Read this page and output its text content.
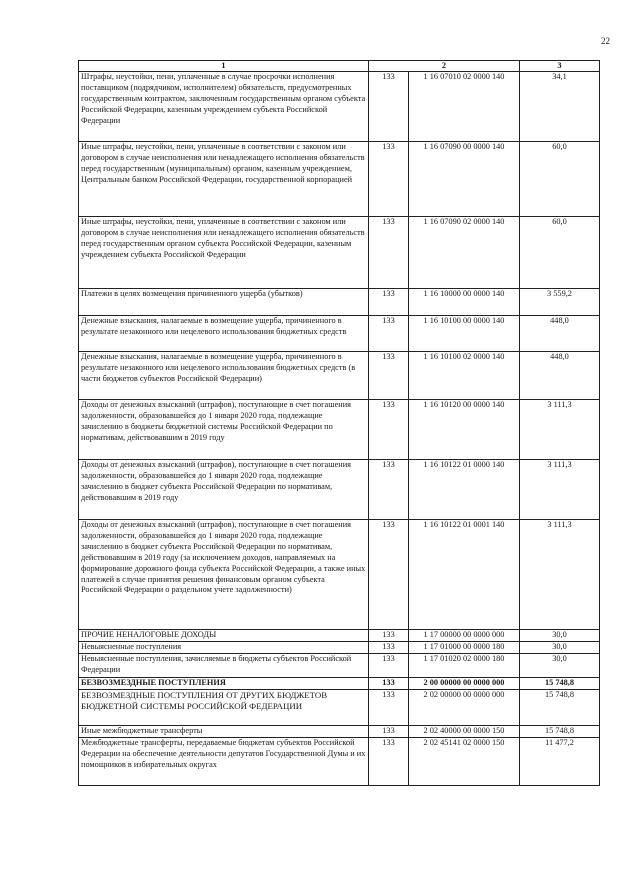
22
1	2		3
Штрафы, неустойки, пени, уплаченные в случае просрочки исполнения поставщиком (подрядчиком, исполнителем) обязательств, предусмотренных государственным контрактом, заключенным государственным органом субъекта Российской Федерации, казенным учреждением субъекта Российской Федерации	133	1 16 07010 02 0000 140	34,1
Иные штрафы, неустойки, пени, уплаченные в соответствии с законом или договором в случае неисполнения или ненадлежащего исполнения обязательств перед государственным (муниципальным) органом, казенным учреждением, Центральным банком Российской Федерации, государственной корпорацией	133	1 16 07090 00 0000 140	60,0
Иные штрафы, неустойки, пени, уплаченные в соответствии с законом или договором в случае неисполнения или ненадлежащего исполнения обязательств перед государственным органом субъекта Российской Федерации, казенным учреждением субъекта Российской Федерации	133	1 16 07090 02 0000 140	60,0
Платежи в целях возмещения причиненного ущерба (убытков)	133	1 16 10000 00 0000 140	3 559,2
Денежные взыскания, налагаемые в возмещение ущерба, причиненного в результате незаконного или нецелевого использования бюджетных средств	133	1 16 10100 00 0000 140	448,0
Денежные взыскания, налагаемые в возмещение ущерба, причиненного в результате незаконного или нецелевого использования бюджетных средств (в части бюджетов субъектов Российской Федерации)	133	1 16 10100 02 0000 140	448,0
Доходы от денежных взысканий (штрафов), поступающие в счет погашения задолженности, образовавшейся до 1 января 2020 года, подлежащие зачислению в бюджеты бюджетной системы Российской Федерации по нормативам, действовавшим в 2019 году	133	1 16 10120 00 0000 140	3 111,3
Доходы от денежных взысканий (штрафов), поступающие в счет погашения задолженности, образовавшейся до 1 января 2020 года, подлежащие зачислению в бюджет субъекта Российской Федерации по нормативам, действовавшим в 2019 году	133	1 16 10122 01 0000 140	3 111,3
Доходы от денежных взысканий (штрафов), поступающие в счет погашения задолженности, образовавшейся до 1 января 2020 года, подлежащие зачислению в бюджет субъекта Российской Федерации по нормативам, действовавшим в 2019 году (за исключением доходов, направляемых на формирование дорожного фонда субъекта Российской Федерации, а также иных платежей в случае принятия решения финансовым органом субъекта Российской Федерации о раздельном учете задолженности)	133	1 16 10122 01 0001 140	3 111,3
ПРОЧИЕ НЕНАЛОГОВЫЕ ДОХОДЫ	133	1 17 00000 00 0000 000	30,0
Невыясненные поступления	133	1 17 01000 00 0000 180	30,0
Невыясненные поступления, зачисляемые в бюджеты субъектов Российской Федерации	133	1 17 01020 02 0000 180	30,0
БЕЗВОЗМЕЗДНЫЕ ПОСТУПЛЕНИЯ	133	2 00 00000 00 0000 000	15 748,8
БЕЗВОЗМЕЗДНЫЕ ПОСТУПЛЕНИЯ ОТ ДРУГИХ БЮДЖЕТОВ БЮДЖЕТНОЙ СИСТЕМЫ РОССИЙСКОЙ ФЕДЕРАЦИИ	133	2 02 00000 00 0000 000	15 748,8
Иные межбюджетные трансферты	133	2 02 40000 00 0000 150	15 748,8
Межбюджетные трансферты, передаваемые бюджетам субъектов Российской Федерации на обеспечение деятельности депутатов Государственной Думы и их помощников в избирательных округах	133	2 02 45141 02 0000 150	11 477,2
